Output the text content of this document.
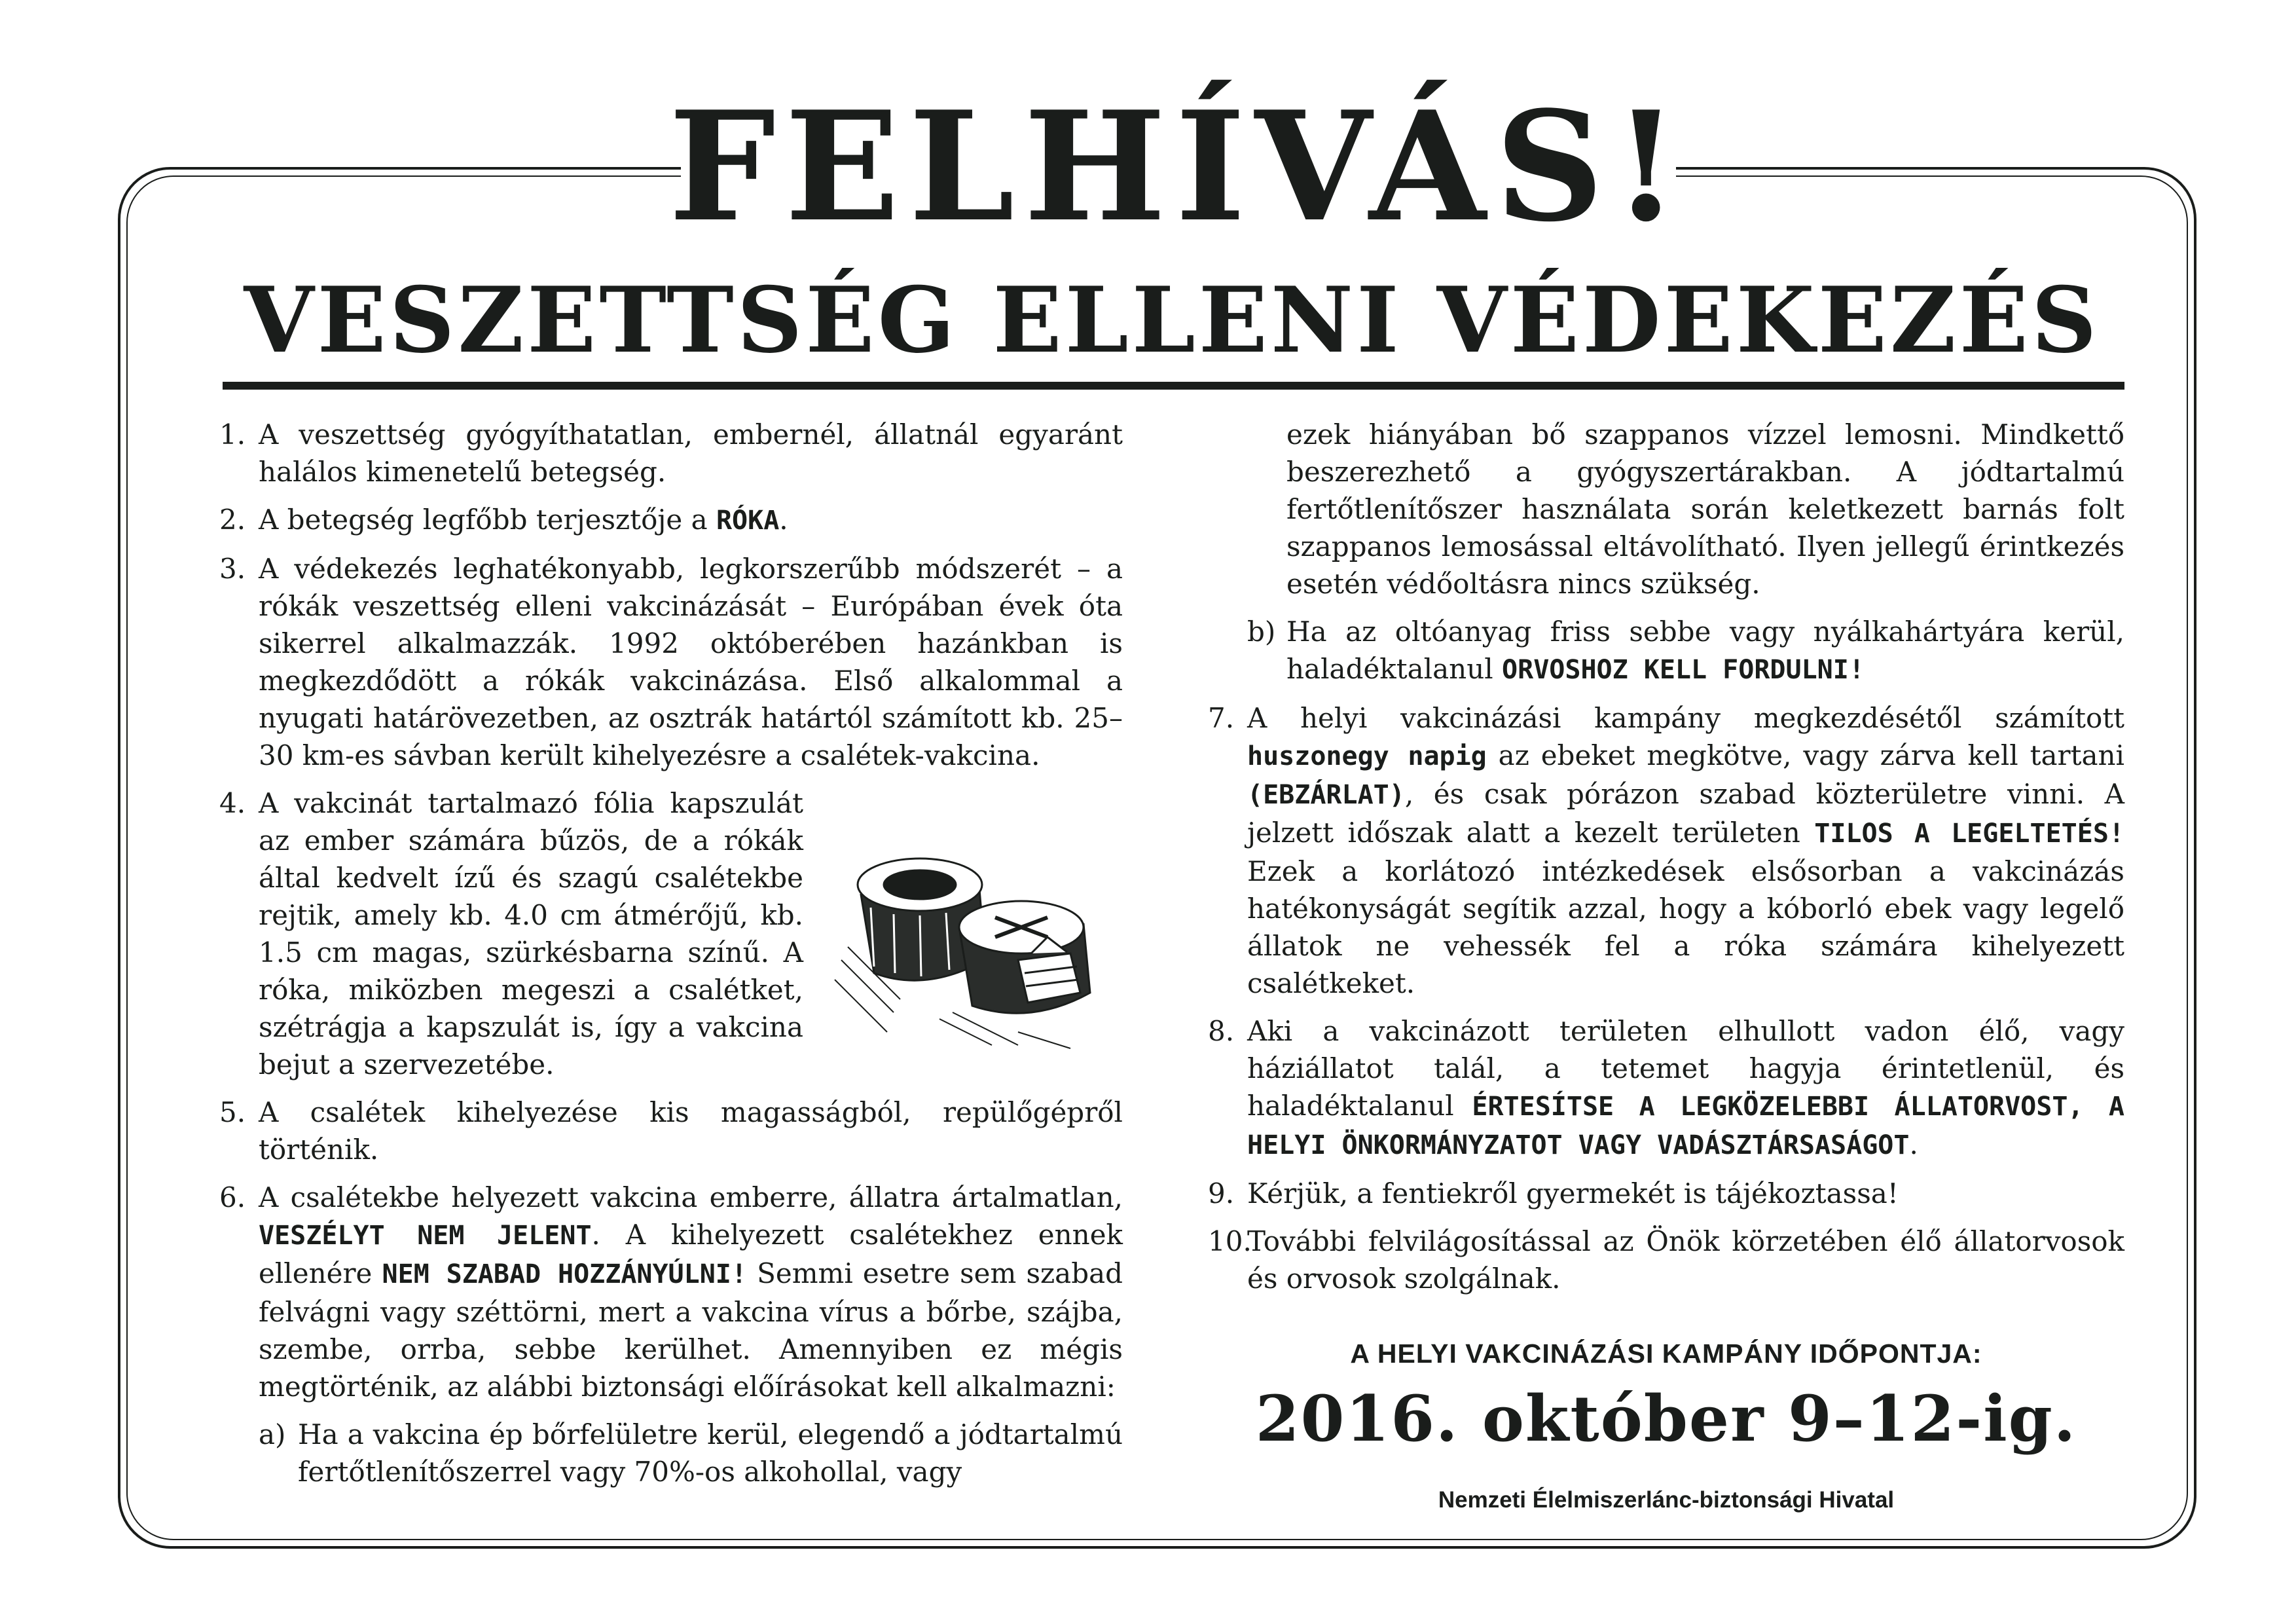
FELHÍVÁS!
VESZETTSÉG ELLENI VÉDEKEZÉS
1. A veszettség gyógyíthatatlan, embernél, állatnál egyaránt halálos kimenetelű betegség.
2. A betegség legfőbb terjesztője a RÓKA.
3. A védekezés leghatékonyabb, legkorszerűbb módszerét – a rókák veszettség elleni vakcinázását – Európában évek óta sikerrel alkalmazzák. 1992 októberében hazánkban is megkezdődött a rókák vakcinázása. Első alkalommal a nyugati határövezetben, az osztrák határtól számított kb. 25–30 km-es sávban került kihelyezésre a csalétek-vakcina.
4. A vakcinát tartalmazó fólia kapszulát az ember számára bűzös, de a rókák által kedvelt ízű és szagú csalétekbe rejtik, amely kb. 4.0 cm átmérőjű, kb. 1.5 cm magas, szürkésbarna színű. A róka, miközben megeszi a csalétket, szétrágja a kapszulát is, így a vakcina bejut a szervezetébe.
5. A csalétek kihelyezése kis magasságból, repülőgépről történik.
6. A csalétekbe helyezett vakcina emberre, állatra ártalmatlan, VESZÉLYT NEM JELENT. A kihelyezett csalétekhez ennek ellenére NEM SZABAD HOZZÁNYÚLNI! Semmi esetre sem szabad felvágni vagy széttörni, mert a vakcina vírus a bőrbe, szájba, szembe, orrba, sebbe kerülhet. Amennyiben ez mégis megtörténik, az alábbi biztonsági előírásokat kell alkalmazni:
a) Ha a vakcina ép bőrfelületre kerül, elegendő a jódtartalmú fertőtlenítőszerrel vagy 70%-os alkohollal, vagy
ezek hiányában bő szappanos vízzel lemosni. Mindkettő beszerezhető a gyógyszertárakban. A jódtartalmú fertőtlenítőszer használata során keletkezett barnás folt szappanos lemosással eltávolítható. Ilyen jellegű érintkezés esetén védőoltásra nincs szükség.
b) Ha az oltóanyag friss sebbe vagy nyálkahártyára kerül, haladéktalanul ORVOSHOZ KELL FORDULNI!
7. A helyi vakcinázási kampány megkezdésétől számított huszonegy napig az ebeket megkötve, vagy zárva kell tartani (EBZÁRLAT), és csak pórázon szabad közterületre vinni. A jelzett időszak alatt a kezelt területen TILOS A LEGELTETÉS! Ezek a korlátozó intézkedések elsősorban a vakcinázás hatékonyságát segítik azzal, hogy a kóborló ebek vagy legelő állatok ne vehessék fel a róka számára kihelyezett csalétkeket.
8. Aki a vakcinázott területen elhullott vadon élő, vagy háziállatot talál, a tetemet hagyja érintetlenül, és haladéktalanul ÉRTESÍTSE A LEGKÖZELEBBI ÁLLATORVOST, A HELYI ÖNKORMÁNYZATOT VAGY VADÁSZTÁRSASÁGOT.
9. Kérjük, a fentiekről gyermekét is tájékoztassa!
10.
További felvilágosítással az Önök körzetében élő állatorvosok és orvosok szolgálnak.
A HELYI VAKCINÁZÁSI KAMPÁNY IDŐPONTJA:
2016. október 9–12-ig.
Nemzeti Élelmiszerlánc-biztonsági Hivatal
